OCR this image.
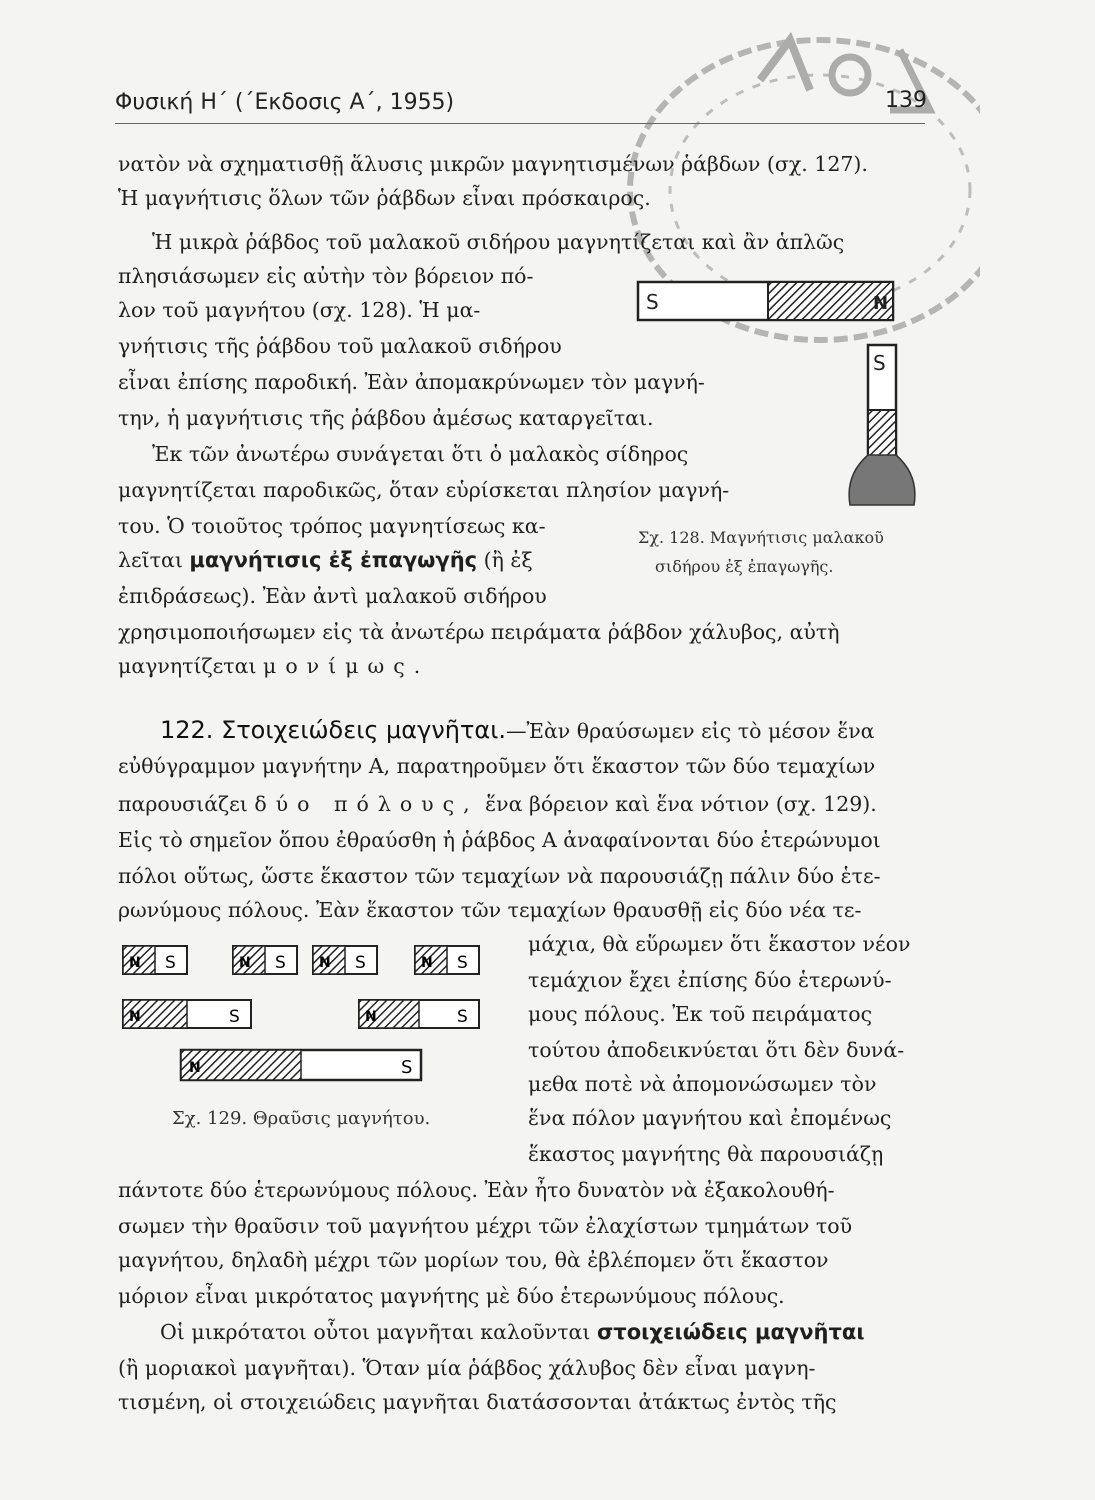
Φυσική Η΄ (΄Εκδοσις Α΄, 1955)	139
νατὸν νὰ σχηματισθῇ ἅλυσις μικρῶν μαγνητισμένων ῥάβδων (σχ. 127).
Ἡ μαγνήτισις ὅλων τῶν ῥάβδων εἶναι πρόσκαιρος.
Ἡ μικρὰ ῥάβδος τοῦ μαλακοῦ σιδήρου μαγνητίζεται καὶ ἂν ἁπλῶς
πλησιάσωμεν εἰς αὐτὴν τὸν βόρειον πό-
λον τοῦ μαγνήτου (σχ. 128). Ἡ μα-
γνήτισις τῆς ῥάβδου τοῦ μαλακοῦ σιδήρου
εἶναι ἐπίσης παροδική. Ἐὰν ἀπομακρύνωμεν τὸν μαγνή-
την, ἡ μαγνήτισις τῆς ῥάβδου ἀμέσως καταργεῖται.
Ἐκ τῶν ἀνωτέρω συνάγεται ὅτι ὁ μαλακὸς σίδηρος
μαγνητίζεται παροδικῶς, ὅταν εὑρίσκεται πλησίον μαγνή-
του. Ὁ τοιοῦτος τρόπος μαγνητίσεως κα-
λεῖται μαγνήτισις ἐξ ἐπαγωγῆς (ἢ ἐξ
ἐπιδράσεως). Ἐὰν ἀντὶ μαλακοῦ σιδήρου
χρησιμοποιήσωμεν εἰς τὰ ἀνωτέρω πειράματα ῥάβδον χάλυβος, αὐτὴ
μαγνητίζεται μονίμως.
S	N
S
Σχ. 128. Μαγνήτισις μαλακοῦ
σιδήρου ἐξ ἐπαγωγῆς.
122. Στοιχειώδεις μαγνῆται.—Ἐὰν θραύσωμεν εἰς τὸ μέσον ἕνα
εὐθύγραμμον μαγνήτην Α, παρατηροῦμεν ὅτι ἕκαστον τῶν δύο τεμαχίων
παρουσιάζει δύο πόλους, ἕνα βόρειον καὶ ἕνα νότιον (σχ. 129).
Εἰς τὸ σημεῖον ὅπου ἐθραύσθη ἡ ῥάβδος Α ἀναφαίνονται δύο ἑτερώνυμοι
πόλοι οὕτως, ὥστε ἕκαστον τῶν τεμαχίων νὰ παρουσιάζῃ πάλιν δύο ἑτε-
ρωνύμους πόλους. Ἐὰν ἕκαστον τῶν τεμαχίων θραυσθῇ εἰς δύο νέα τε-
μάχια, θὰ εὕρωμεν ὅτι ἕκαστον νέον
τεμάχιον ἔχει ἐπίσης δύο ἑτερωνύ-
μους πόλους. Ἐκ τοῦ πειράματος
τούτου ἀποδεικνύεται ὅτι δὲν δυνά-
μεθα ποτὲ νὰ ἀπομονώσωμεν τὸν
ἕνα πόλον μαγνήτου καὶ ἐπομένως
ἕκαστος μαγνήτης θὰ παρουσιάζῃ
N S	N S N S	N S
N	S	N	S
N	S
Σχ. 129. Θραῦσις μαγνήτου.
πάντοτε δύο ἑτερωνύμους πόλους. Ἐὰν ἦτο δυνατὸν νὰ ἐξακολουθή-
σωμεν τὴν θραῦσιν τοῦ μαγνήτου μέχρι τῶν ἐλαχίστων τμημάτων τοῦ
μαγνήτου, δηλαδὴ μέχρι τῶν μορίων του, θὰ ἐβλέπομεν ὅτι ἕκαστον
μόριον εἶναι μικρότατος μαγνήτης μὲ δύο ἑτερωνύμους πόλους.
Οἱ μικρότατοι οὗτοι μαγνῆται καλοῦνται στοιχειώδεις μαγνῆται
(ἢ μοριακοὶ μαγνῆται). Ὅταν μία ῥάβδος χάλυβος δὲν εἶναι μαγνη-
τισμένη, οἱ στοιχειώδεις μαγνῆται διατάσσονται ἀτάκτως ἐντὸς τῆς
